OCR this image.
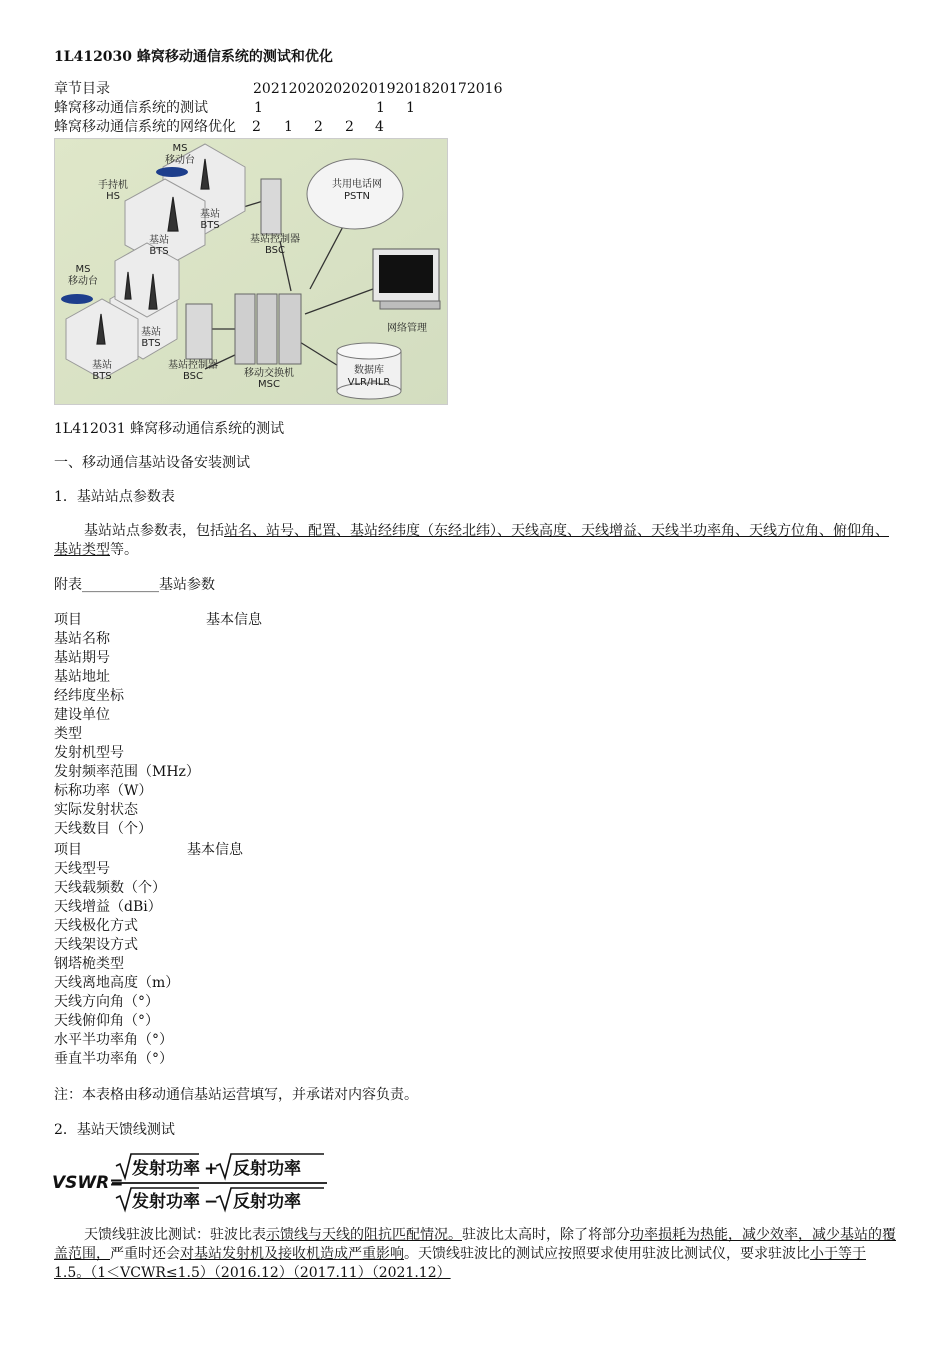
1L412030 蜂窝移动通信系统的测试和优化
章节目录	2021202020202019201820172016
蜂窝移动通信系统的测试	1	1 1
蜂窝移动通信系统的网络优化 2 1 2 2 4
MS
移动台
手持机
HS
基站
BTS
基站
BTS
基站控制器
BSC
共用电话网
PSTN
MS
移动台
基站
BTS
基站
BTS
基站控制器
BSC	移动交换机
MSC
数据库
VLR/HLR
网络管理
1L412031 蜂窝移动通信系统的测试
一、移动通信基站设备安装测试
1．基站站点参数表
基站站点参数表，包括站名、站号、配置、基站经纬度（东经北纬）、天线高度、天线增益、天线半功率角、天线方位角、俯仰角、基站类型等。
附表___________基站参数
项目	基本信息
基站名称
基站期号
基站地址
经纬度坐标
建设单位
类型
发射机型号
发射频率范围（MHz）
标称功率（W）
实际发射状态
天线数目（个）
项目	基本信息
天线型号
天线载频数（个）
天线增益（dBi）
天线极化方式
天线架设方式
钢塔桅类型
天线离地高度（m）
天线方向角（°）
天线俯仰角（°）
水平半功率角（°）
垂直半功率角（°）
注：本表格由移动通信基站运营填写，并承诺对内容负责。
2．基站天馈线测试
VSWR=
发射功率 + 反射功率
发射功率 − 反射功率
天馈线驻波比测试：驻波比表示馈线与天线的阻抗匹配情况。驻波比太高时，除了将部分功率损耗为热能，减少效率，减少基站的覆盖范围，严重时还会对基站发射机及接收机造成严重影响。天馈线驻波比的测试应按照要求使用驻波比测试仪，要求驻波比小于等于1.5。（1＜VCWR≤1.5）（2016.12）（2017.11）（2021.12）
